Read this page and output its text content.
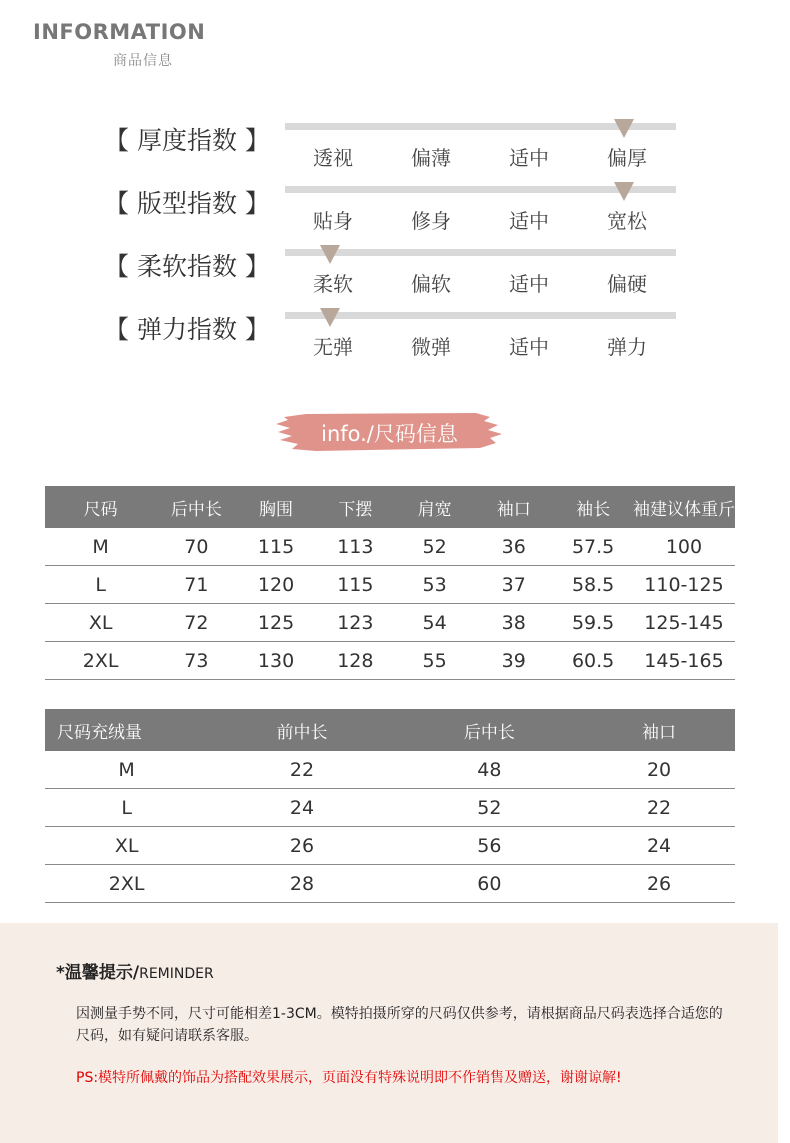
INFORMATION
商品信息
【 厚度指数 】
透视	偏薄	适中	偏厚
【 版型指数 】
贴身	修身	适中	宽松
【 柔软指数 】
柔软	偏软	适中	偏硬
【 弹力指数 】
无弹	微弹	适中	弹力
info./尺码信息
尺码	后中长	胸围	下摆	肩宽	袖口	袖长	袖建议体重斤
M	70	115	113	52	36	57.5	100
L	71	120	115	53	37	58.5	110-125
XL	72	125	123	54	38	59.5	125-145
2XL	73	130	128	55	39	60.5	145-165
尺码充绒量	前中长	后中长	袖口
M	22	48	20
L	24	52	22
XL	26	56	24
2XL	28	60	26
*温馨提示/REMINDER
因测量手势不同，尺寸可能相差1-3CM。模特拍摄所穿的尺码仅供参考，请根据商品尺码表选择合适您的尺码，如有疑问请联系客服。
PS:模特所佩戴的饰品为搭配效果展示，页面没有特殊说明即不作销售及赠送，谢谢谅解!
